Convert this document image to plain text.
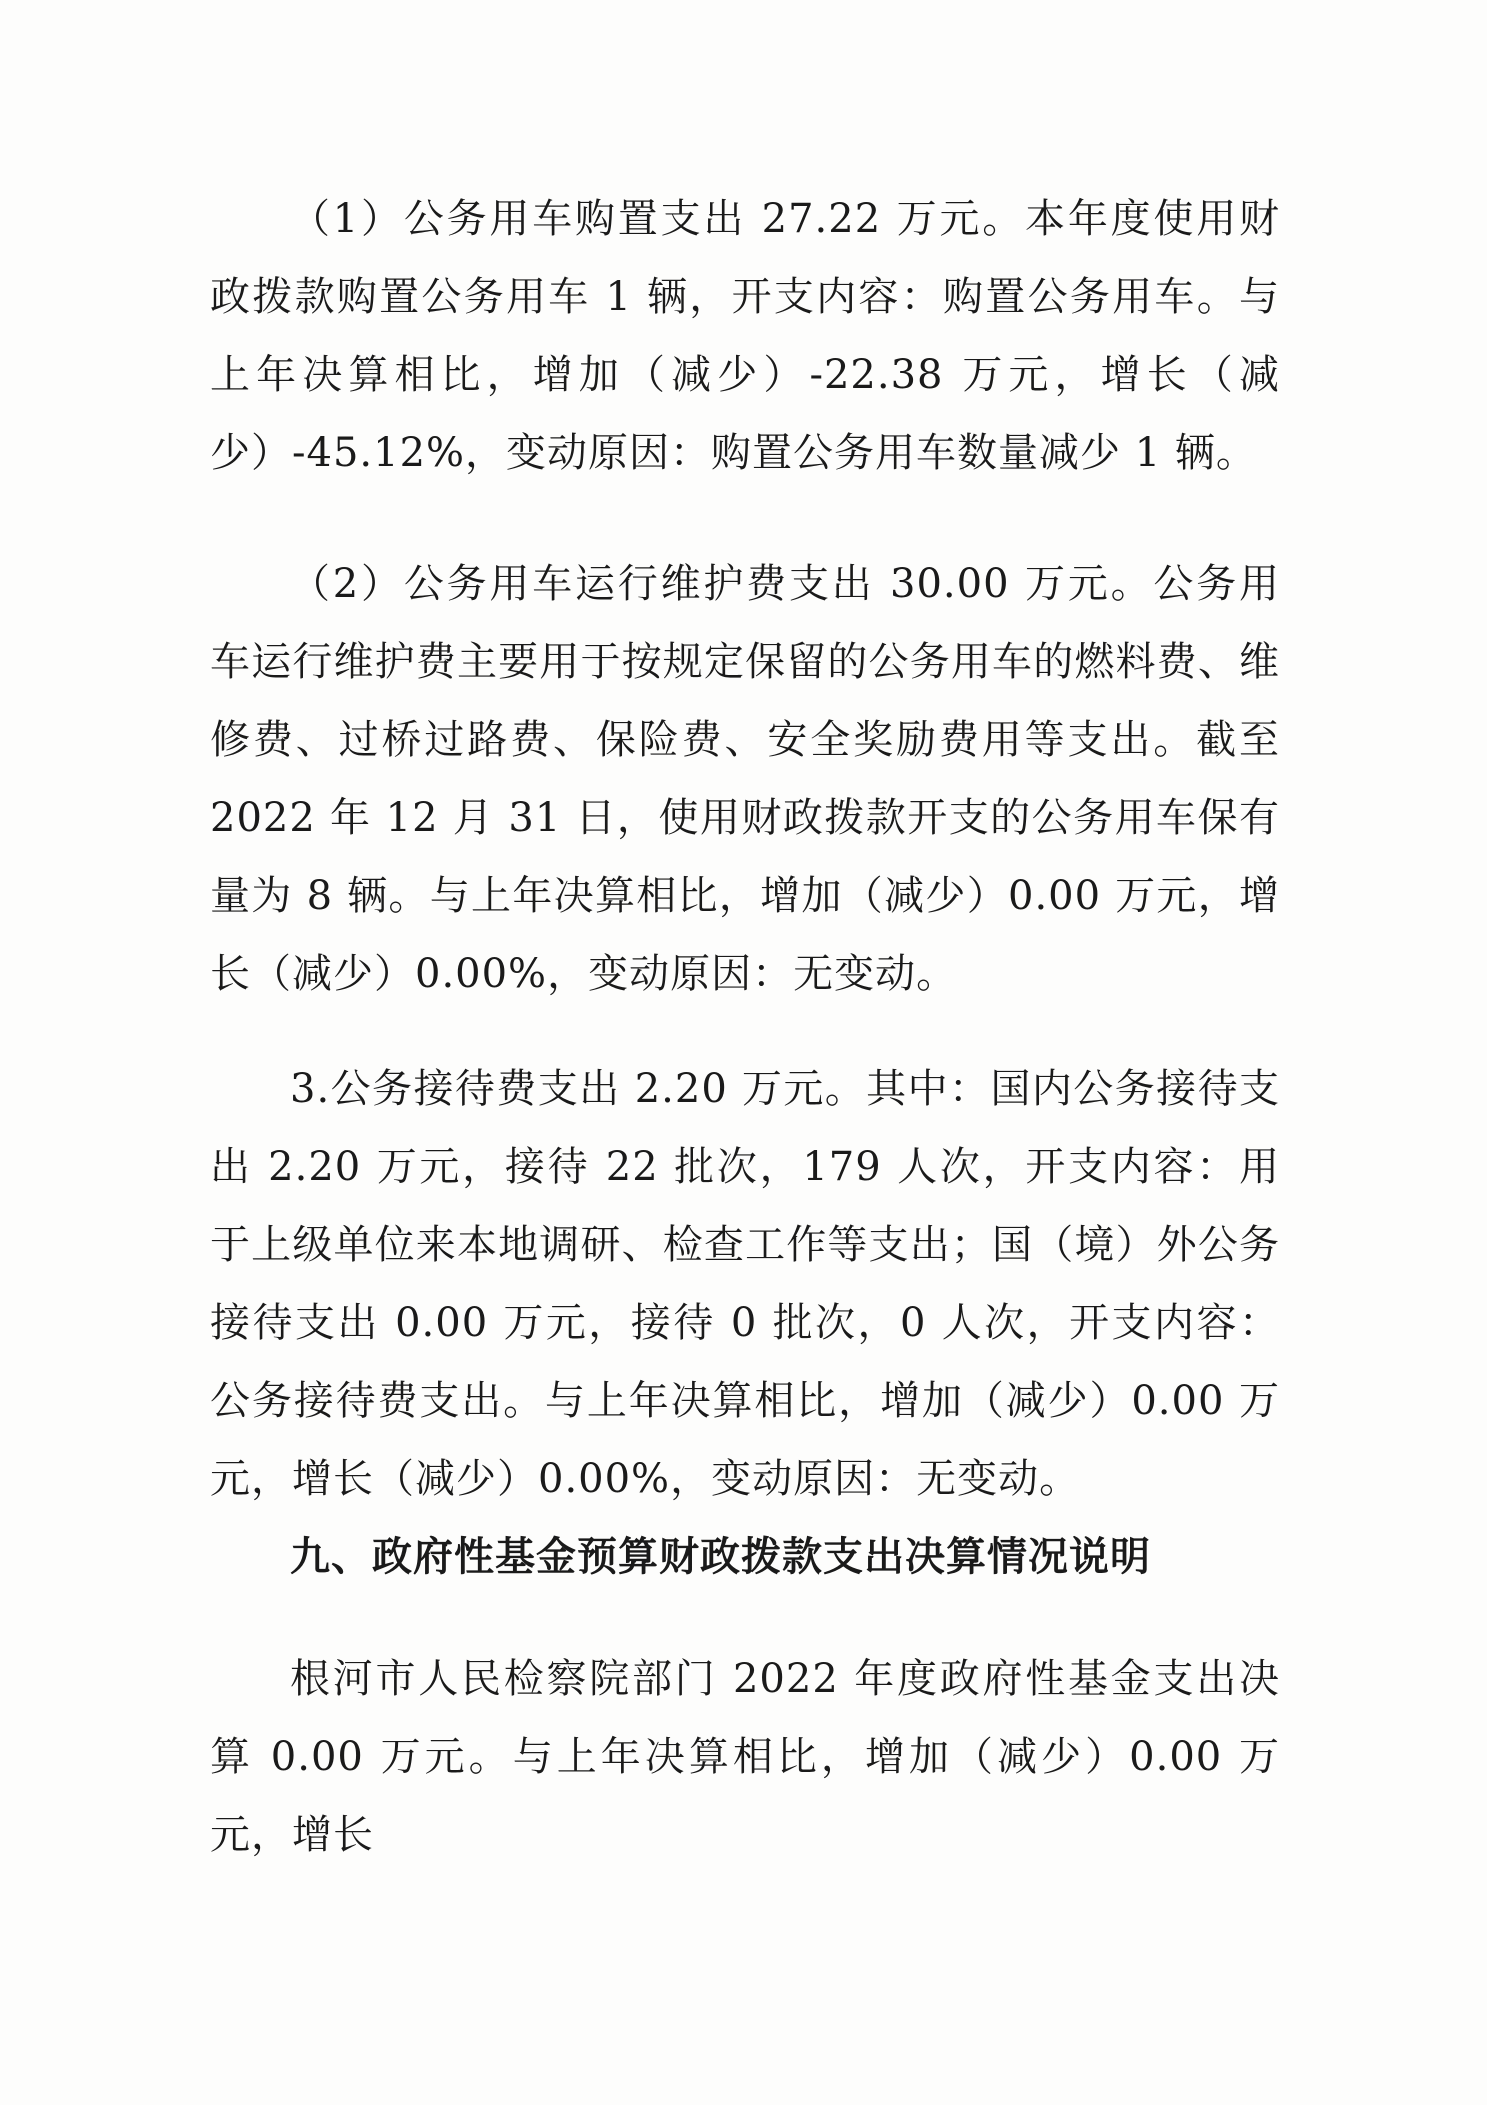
（1）公务用车购置支出 27.22 万元。本年度使用财政拨款购置公务用车 1 辆，开支内容：购置公务用车。与上年决算相比，增加（减少）-22.38 万元，增长（减少）-45.12%，变动原因：购置公务用车数量减少 1 辆。

（2）公务用车运行维护费支出 30.00 万元。公务用车运行维护费主要用于按规定保留的公务用车的燃料费、维修费、过桥过路费、保险费、安全奖励费用等支出。截至 2022 年 12 月 31 日，使用财政拨款开支的公务用车保有量为 8 辆。与上年决算相比，增加（减少）0.00 万元，增长（减少）0.00%，变动原因：无变动。

3.公务接待费支出 2.20 万元。其中：国内公务接待支出 2.20 万元，接待 22 批次，179 人次，开支内容：用于上级单位来本地调研、检查工作等支出；国（境）外公务接待支出 0.00 万元，接待 0 批次，0 人次，开支内容：公务接待费支出。与上年决算相比，增加（减少）0.00 万元，增长（减少）0.00%，变动原因：无变动。

九、政府性基金预算财政拨款支出决算情况说明

根河市人民检察院部门 2022 年度政府性基金支出决算 0.00 万元。与上年决算相比，增加（减少）0.00 万元，增长
